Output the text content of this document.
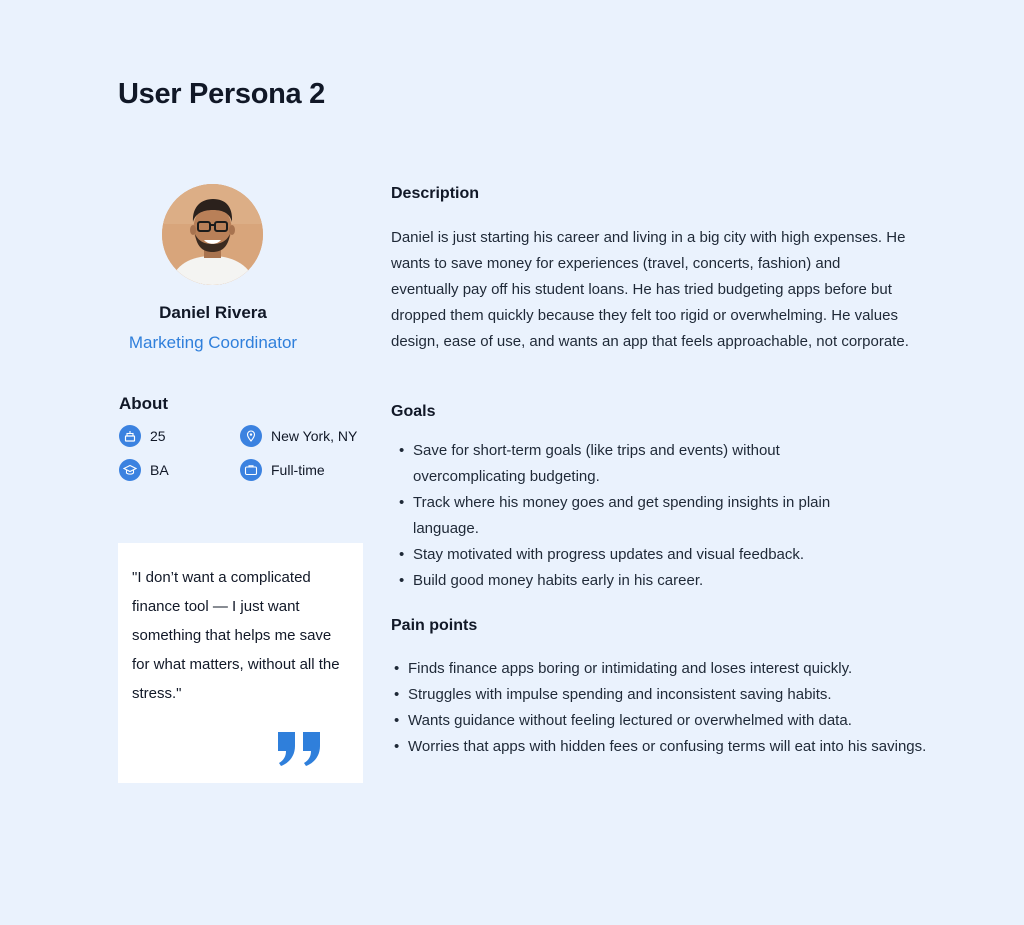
User Persona 2
Daniel Rivera
Marketing Coordinator
About
25	New York, NY
BA	Full-time

"I don’t want a complicated finance tool — I just want something that helps me save for what matters, without all the stress."

Description

Daniel is just starting his career and living in a big city with high expenses. He wants to save money for experiences (travel, concerts, fashion) and eventually pay off his student loans. He has tried budgeting apps before but dropped them quickly because they felt too rigid or overwhelming. He values design, ease of use, and wants an app that feels approachable, not corporate.

Goals
• Save for short-term goals (like trips and events) without overcomplicating budgeting.
• Track where his money goes and get spending insights in plain language.
• Stay motivated with progress updates and visual feedback.
• Build good money habits early in his career.
Pain points
• Finds finance apps boring or intimidating and loses interest quickly.
• Struggles with impulse spending and inconsistent saving habits.
• Wants guidance without feeling lectured or overwhelmed with data.
• Worries that apps with hidden fees or confusing terms will eat into his savings.
